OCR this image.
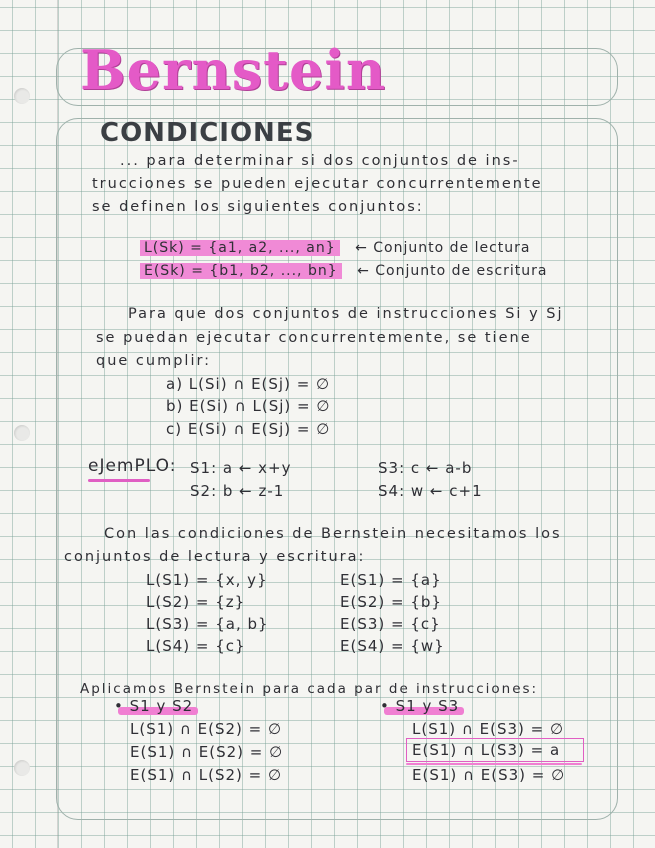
Bernstein
CONDICIONES
... para determinar si dos conjuntos de ins-
trucciones se pueden ejecutar concurrentemente
se definen los siguientes conjuntos:
L(Sk) = {a1, a2, ..., an} ← Conjunto de lectura
E(Sk) = {b1, b2, ..., bn} ← Conjunto de escritura
Para que dos conjuntos de instrucciones Si y Sj
se puedan ejecutar concurrentemente, se tiene
que cumplir:
a) L(Si) ∩ E(Sj) = ∅
b) E(Si) ∩ L(Sj) = ∅
c) E(Si) ∩ E(Sj) = ∅
eJemPLO: S1: a ← x+y
S2: b ← z-1
S3: c ← a-b
S4: w ← c+1
Con las condiciones de Bernstein necesitamos los
conjuntos de lectura y escritura:
L(S1) = {x, y}
L(S2) = {z}
L(S3) = {a, b}
L(S4) = {c}
E(S1) = {a}
E(S2) = {b}
E(S3) = {c}
E(S4) = {w}
Aplicamos Bernstein para cada par de instrucciones:
• S1 y S2
L(S1) ∩ E(S2) = ∅
E(S1) ∩ E(S2) = ∅
E(S1) ∩ L(S2) = ∅
• S1 y S3
L(S1) ∩ E(S3) = ∅
E(S1) ∩ L(S3) = a
E(S1) ∩ E(S3) = ∅
